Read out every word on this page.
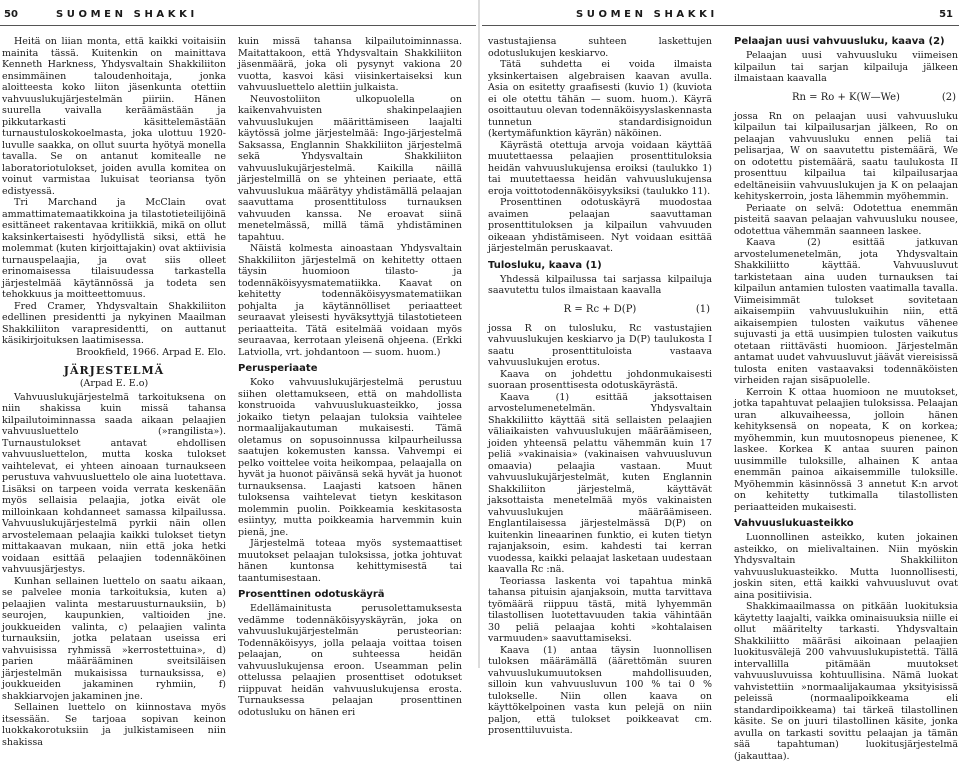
50	SUOMEN SHAKKI

Heitä on liian monta, että kaikki voitaisiin mainita tässä. Kuitenkin on mainittava Kenneth Harkness, Yhdysvaltain Shakkiliiton ensimmäinen taloudenhoitaja, jonka aloitteesta koko liiton jäsenkunta otettiin vahvuuslukujärjestelmän piiriin. Hänen suurella vaivalla keräämästään ja pikkutarkasti käsittelemästään turnaustuloskokoelmasta, joka ulottuu 1920-luvulle saakka, on ollut suurta hyötyä monella tavalla. Se on antanut komitealle ne laboratoriotulokset, joiden avulla komitea on voinut varmistaa lukuisat teoriansa työn edistyessä.

Tri Marchand ja McClain ovat ammattimatemaatikkoina ja tilastotieteilijöinä esittäneet rakentavaa kritiikkiä, mikä on ollut kaksinkertaisesti hyödyllistä siksi, että he molemmat (kuten kirjoittajakin) ovat aktiivisia turnauspelaajia, ja ovat siis olleet erinomaisessa tilaisuudessa tarkastella järjestelmää käytännössä ja todeta sen tehokkuus ja moitteettomuus.

Fred Cramer, Yhdysvaltain Shakkiliiton edellinen presidentti ja nykyinen Maailman Shakkiliiton varapresidentti, on auttanut käsikirjoituksen laatimisessa.

Brookfield, 1966. Arpad E. Elo.
JÄRJESTELMÄ
(Arpad E. E.o)

Vahvuuslukujärjestelmä tarkoituksena on niin shakissa kuin missä tahansa kilpailutoiminnassa saada aikaan pelaajien vahvuusluettelo (»rangilista»). Turnaustulokset antavat ehdollisen vahvuusluettelon, mutta koska tulokset vaihtelevat, ei yhteen ainoaan turnaukseen perustuva vahvuusluettelo ole aina luotettava. Lisäksi on tarpeen voida verrata keskenään myös sellaisia pelaajia, jotka eivät ole milloinkaan kohdanneet samassa kilpailussa. Vahvuuslukujärjestelmä pyrkii näin ollen arvostelemaan pelaajia kaikki tulokset tietyn mittakaavan mukaan, niin että joka hetki voidaan esittää pelaajien todennäköinen vahvuusjärjestys.

Kunhan sellainen luettelo on saatu aikaan, se palvelee monia tarkoituksia, kuten a) pelaajien valinta mestaruusturnauksiin, b) seurojen, kaupunkien, valtioiden jne. joukkueiden valinta, c) pelaajien valinta turnauksiin, jotka pelataan useissa eri vahvuisissa ryhmissä »kerrostettuina», d) parien määrääminen sveitsiläisen järjestelmän mukaisissa turnauksissa, e) joukkueiden jakaminen ryhmiin, f) shakkiarvojen jakaminen jne.

Sellainen luettelo on kiinnostava myös itsessään. Se tarjoaa sopivan keinon luokkakorotuksiin ja julkistamiseen niin shakissa

kuin missä tahansa kilpailutoiminnassa. Maitattakoon, että Yhdysvaltain Shakkiliiton jäsenmäärä, joka oli pysynyt vakiona 20 vuotta, kasvoi käsi viisinkertaiseksi kun vahvuusluettelo alettiin julkaista.

Neuvostoliiton ulkopuolella on kaikenvahvuisten shakinpelaajien vahvuuslukujen määrittämiseen laajalti käytössä jolme järjestelmää: Ingo-järjestelmä Saksassa, Englannin Shakkiliiton järjestelmä sekä Yhdysvaltain Shakkiliiton vahvuuslukujärjestelmä. Kaikilla näillä järjestelmillä on se yhteinen periaate, että vahvuuslukua määrätyy yhdistämällä pelaajan saavuttama prosenttituloss turnauksen vahvuuden kanssa. Ne eroavat siinä menetelmässä, millä tämä yhdistäminen tapahtuu.

Näistä kolmesta ainoastaan Yhdysvaltain Shakkiliiton järjestelmä on kehitetty ottaen täysin huomioon tilasto- ja todennäköisyysmatematiikka. Kaavat on kehitetty todennäköisyysmatematiikan pohjalta ja käytännölliset periaatteet seuraavat yleisesti hyväksyttyjä tilastotieteen periaatteita. Tätä esitelmää voidaan myös seuraavaa, kerrotaan yleisenä ohjeena. (Erkki Latviolla, vrt. johdantoon — suom. huom.)

Perusperiaate

Koko vahvuuslukujärjestelmä perustuu siihen olettamukseen, että on mahdollista konstruoida vahvuuslukuasteikko, jossa jokaiko tietyn pelaajan tuloksia vaihtelee normaalijakautuman mukaisesti. Tämä oletamus on sopusoinnussa kilpaurheilussa saatujen kokemusten kanssa. Vahvempi ei pelko voittelee voita heikompaa, pelaajalla on hyvät ja huonot päivänsä sekä hyvät ja huonot turnauksensa. Laajasti katsoen hänen tuloksensa vaihtelevat tietyn keskitason molemmin puolin. Poikkeamia keskitasosta esiintyy, mutta poikkeamia harvemmin kuin pienä, jne.

Järjestelmä toteaa myös systemaattiset muutokset pelaajan tuloksissa, jotka johtuvat hänen kuntonsa kehittymisestä tai taantumisestaan.

Prosenttinen odotuskäyrä

Edellämainitusta perusolettamuksesta vedämme todennäköisyyskäyrän, joka on vahvuuslukujärjestelmän perusteorian: Todennäköisyys, jolla pelaaja voittaa toisen pelaajan, on suhteessa heidän vahvuuslukujensa eroon. Useamman pelin ottelussa pelaajien prosenttiset odotukset riippuvat heidän vahvuuslukujensa erosta. Turnauksessa pelaajan prosenttinen odotusluku on hänen eri

SUOMEN SHAKKI	51

vastustajiensa suhteen laskettujen odotuslukujen keskiarvo.

Tätä suhdetta ei voida ilmaista yksinkertaisen algebraisen kaavan avulla. Asia on esitetty graafisesti (kuvio 1) (kuviota ei ole otettu tähän — suom. huom.). Käyrä osoittautuu olevan todennäköisyyslaskennasta tunnetun standardisignoidun (kertymäfunktion käyrän) näköinen.

Käyrästä otettuja arvoja voidaan käyttää muutettaessa pelaajien prosenttituloksia heidän vahvuuslukujensa eroiksi (taulukko 1) tai muutettaessa heidän vahvuuslukujensa eroja voittotodennäköisyyksiksi (taulukko 11).

Prosenttinen odotuskäyrä muodostaa avaimen pelaajan saavuttaman prosenttituloksen ja kilpailun vahvuuden oikeaan yhdistämiseen. Nyt voidaan esittää järjestelmän peruskaavat.

Tulosluku, kaava (1)

Yhdessä kilpailussa tai sarjassa kilpailuja saavutettu tulos ilmaistaan kaavalla

R = Rc + D(P)	(1)

jossa R on tulosluku, Rc vastustajien vahvuuslukujen keskiarvo ja D(P) taulukosta I saatu prosenttituloista vastaava vahvuuslukujen erotus.

Kaava on johdettu johdonmukaisesti suoraan prosenttisesta odotuskäyrästä.

Kaava (1) esittää jaksottaisen arvostelumenetelmän. Yhdysvaltain Shakkiliitto käyttää sitä sellaisten pelaajien väliaikaisten vahvuuslukujen määräämiseen, joiden yhteensä pelattu vähemmän kuin 17 peliä »vakinaisia» (vakinaisen vahvuusluvun omaavia) pelaajia vastaan. Muut vahvuuslukujärjestelmät, kuten Englannin Shakkiliiton järjestelmä, käyttävät jaksottaista menetelmää myös vakinaisten vahvuuslukujen määräämiseen. Englantilaisessa järjestelmässä D(P) on kuitenkin lineaarinen funktio, ei kuten tietyn rajanjaksoin, esim. kahdesti tai kerran vuodessa, kaikki pelaajat lasketaan uudestaan kaavalla Rc :nä.

Teoriassa laskenta voi tapahtua minkä tahansa pituisin ajanjaksoin, mutta tarvittava työmäärä riippuu tästä, mitä lyhyemmän tilastollisen luotettavuuden takia vähintään 30 peliä pelaajaa kohti »kohtalaisen varmuuden» saavuttamiseksi.

Kaava (1) antaa täysin luonnollisen tuloksen määrämällä (äärettömän suuren vahvuuslukumuutoksen mahdollisuuden, silloin kun vahvuusluvun 100 % tai 0 % tulokselle. Niin ollen kaava on käyttökelpoinen vasta kun pelejä on niin paljon, että tulokset poikkeavat cm. prosenttiluvuista.

Pelaajan uusi vahvuusluku, kaava (2)

Pelaajan uusi vahvuusluku viimeisen kilpailun tai sarjan kilpailuja jälkeen ilmaistaan kaavalla

Rn = Ro + K(W—We)	(2)

jossa Rn on pelaajan uusi vahvuusluku kilpailun tai kilpailusarjan jälkeen, Ro on pelaajan vahvuusluku ennen peliä tai pelisarjaa, W on saavutettu pistemäärä, We on odotettu pistemäärä, saatu taulukosta II prosenttuu kilpailua tai kilpailusarjaa edeltäneisiin vahvuuslukujen ja K on pelaajan kehityskerroin, josta lähemmin myöhemmin.

Periaate on selvä: Odotettua enemmän pisteitä saavan pelaajan vahvuusluku nousee, odotettua vähemmän saanneen laskee.

Kaava (2) esittää jatkuvan arvostelumenetelmän, jota Yhdysvaltain Shakkiliitto käyttää. Vahvuusluvut tarkistetaan aina uuden turnauksen tai kilpailun antamien tulosten vaatimalla tavalla. Viimeisimmät tulokset sovitetaan aikaisempiin vahvuuslukuihin niin, että aikaisempien tulosten vaikutus vähenee sujuvasti ja että uusimpien tulosten vaikutus otetaan riittävästi huomioon. Järjestelmän antamat uudet vahvuusluvut jäävät viereisissä tulosta eniten vastaavaksi todennäköisten virheiden rajan sisäpuolelle.

Kerroin K ottaa huomioon ne muutokset, jotka tapahtuvat pelaajien tuloksissa. Pelaajan uran alkuvaiheessa, jolloin hänen kehityksensä on nopeata, K on korkea; myöhemmin, kun muutosnopeus pienenee, K laskee. Korkea K antaa suuren painon uusimmille tuloksille, alhainen K antaa enemmän painoa aikaisemmille tuloksille. Myöhemmin käsinnössä 3 annetut K:n arvot on kehitetty tutkimalla tilastollisten periaatteiden mukaisesti.

Vahvuuslukuasteikko

Luonnollinen asteikko, kuten jokainen asteikko, on mielivaltainen. Niin myöskin Yhdysvaltain Shakkiliiton vahvuuslukuasteikko. Mutta luonnollisesti, joskin siten, että kaikki vahvuusluvut ovat aina positiivisia.

Shakkimaailmassa on pitkään luokituksia käytetty laajalti, vaikka ominaisuuksia niille ei ollut määritelty tarkasti. Yhdysvaltain Shakkiliitto määräsi aikoinaan pelaajien luokitusvälejä 200 vahvuuslukupistettä. Tällä intervallilla pitämään muutokset vahvuusluvuissa kohtuullisina. Nämä luokat vahvistettiin »normaalijakaumaa yksityisissä peleissä (normaalipoikkeama eli standardipoikkeama) tai tärkeä tilastollinen käsite. Se on juuri tilastollinen käsite, jonka avulla on tarkasti sovittu pelaajan ja tämän sää tapahtuman) luokitusjärjestelmä (jakauttaa).
